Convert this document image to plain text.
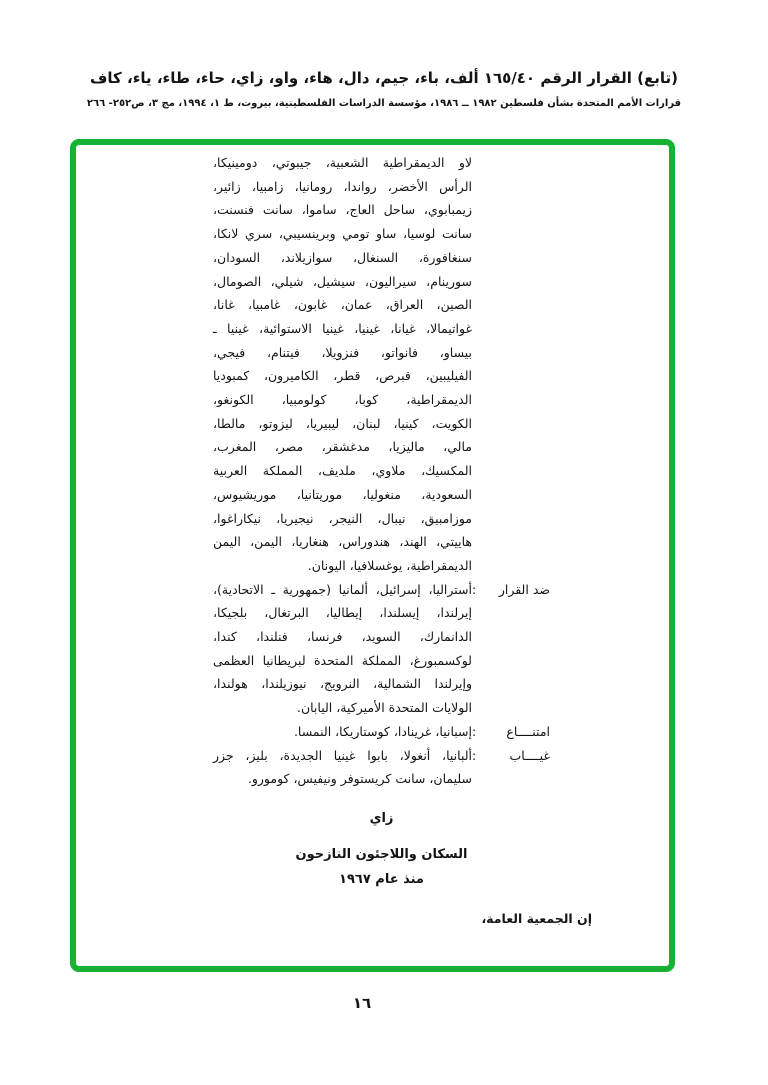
(تابع) القرار الرقم ١٦٥/٤٠ ألف، باء، جيم، دال، هاء، واو، زاي، حاء، طاء، ياء، كاف
قرارات الأمم المتحدة بشأن فلسطين ١٩٨٢ ــ ١٩٨٦، مؤسسة الدراسات الفلسطينية، بيروت، ط ١، ١٩٩٤، مج ٣، ص٢٥٢- ٢٦٦
لاو الديمقراطية الشعبية، جيبوتي، دومينيكا،
الرأس الأخضر، رواندا، رومانيا، زامبيا، زائير،
زيمبابوي، ساحل العاج، ساموا، سانت فنسنت،
سانت لوسيا، ساو تومي وبرينسيبي، سري لانكا،
سنغافورة، السنغال، سوازيلاند، السودان،
سورينام، سيراليون، سيشيل، شيلي، الصومال،
الصين، العراق، عمان، غابون، غامبيا، غانا،
غواتيمالا، غيانا، غينيا، غينيا الاستوائية، غينيا ـ
بيساو، فانواتو، فنزويلا، فيتنام، فيجي،
الفيليبين، قبرص، قطر، الكاميرون، كمبوديا
الديمقراطية، كوبا، كولومبيا، الكونغو،
الكويت، كينيا، لبنان، ليبيريا، ليزوتو، مالطا،
مالي، ماليزيا، مدغشقر، مصر، المغرب،
المكسيك، ملاوي، ملديف، المملكة العربية
السعودية، منغوليا، موريتانيا، موريشيوس،
موزامبيق، نيبال، النيجر، نيجيريا، نيكاراغوا،
هاييتي، الهند، هندوراس، هنغاريا، اليمن، اليمن
الديمقراطية، يوغسلافيا، اليونان.
ضد القرار
:
أستراليا، إسرائيل، ألمانيا (جمهورية ـ الاتحادية)،
إيرلندا، إيسلندا، إيطاليا، البرتغال، بلجيكا،
الدانمارك، السويد، فرنسا، فنلندا، كندا،
لوكسمبورغ، المملكة المتحدة لبريطانيا العظمى
وإيرلندا الشمالية، النرويج، نيوزيلندا، هولندا،
الولايات المتحدة الأميركية، اليابان.
امتنــــاع
:
إسبانيا، غرينادا، كوستاريكا، النمسا.
غيــــاب
:
ألبانيا، أنغولا، بابوا غينيا الجديدة، بليز، جزر
سليمان، سانت كريستوفر ونيفيس، كومورو.
زاي
السكان واللاجئون النازحون
منذ عام ١٩٦٧
إن الجمعية العامة،
١٦
